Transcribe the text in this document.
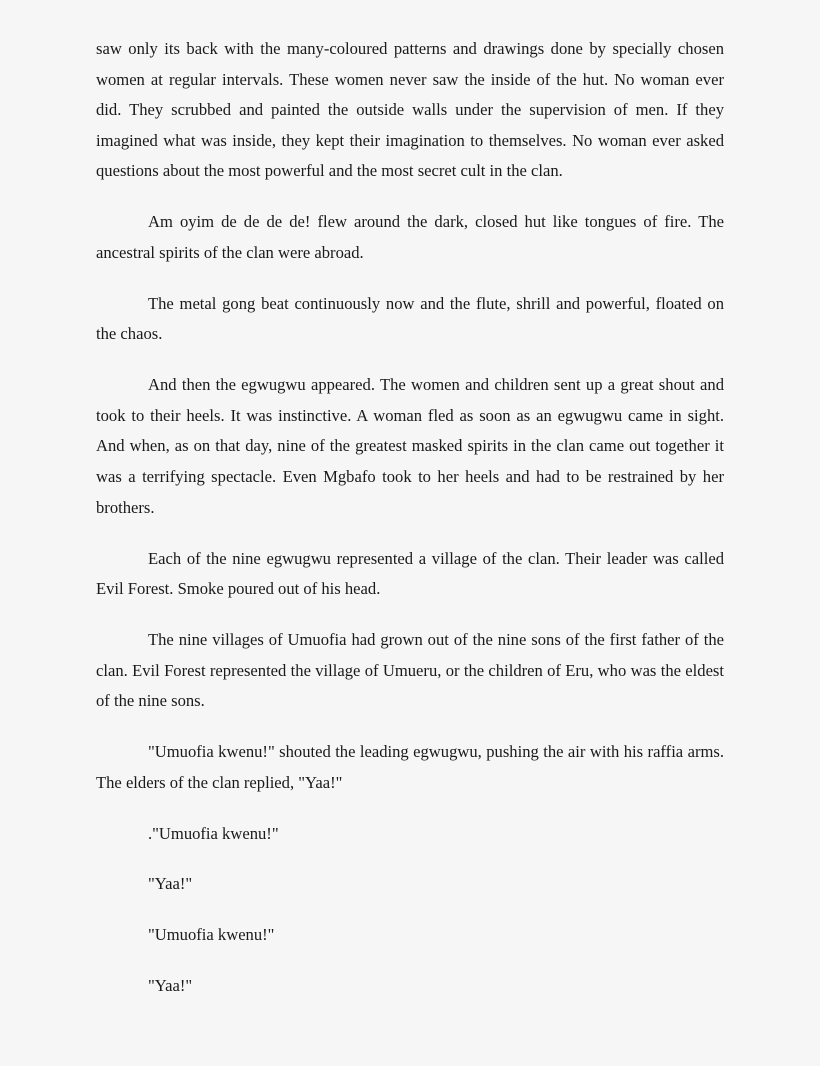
saw only its back with the many-coloured patterns and drawings done by specially chosen women at regular intervals. These women never saw the inside of the hut. No woman ever did. They scrubbed and painted the outside walls under the supervision of men. If they imagined what was inside, they kept their imagination to themselves. No woman ever asked questions about the most powerful and the most secret cult in the clan.

Am oyim de de de de! flew around the dark, closed hut like tongues of fire. The ancestral spirits of the clan were abroad.

The metal gong beat continuously now and the flute, shrill and powerful, floated on the chaos.

And then the egwugwu appeared. The women and children sent up a great shout and took to their heels. It was instinctive. A woman fled as soon as an egwugwu came in sight. And when, as on that day, nine of the greatest masked spirits in the clan came out together it was a terrifying spectacle. Even Mgbafo took to her heels and had to be restrained by her brothers.

Each of the nine egwugwu represented a village of the clan. Their leader was called Evil Forest. Smoke poured out of his head.

The nine villages of Umuofia had grown out of the nine sons of the first father of the clan. Evil Forest represented the village of Umueru, or the children of Eru, who was the eldest of the nine sons.

"Umuofia kwenu!" shouted the leading egwugwu, pushing the air with his raffia arms. The elders of the clan replied, "Yaa!"

."Umuofia kwenu!"

"Yaa!"

"Umuofia kwenu!"

"Yaa!"
